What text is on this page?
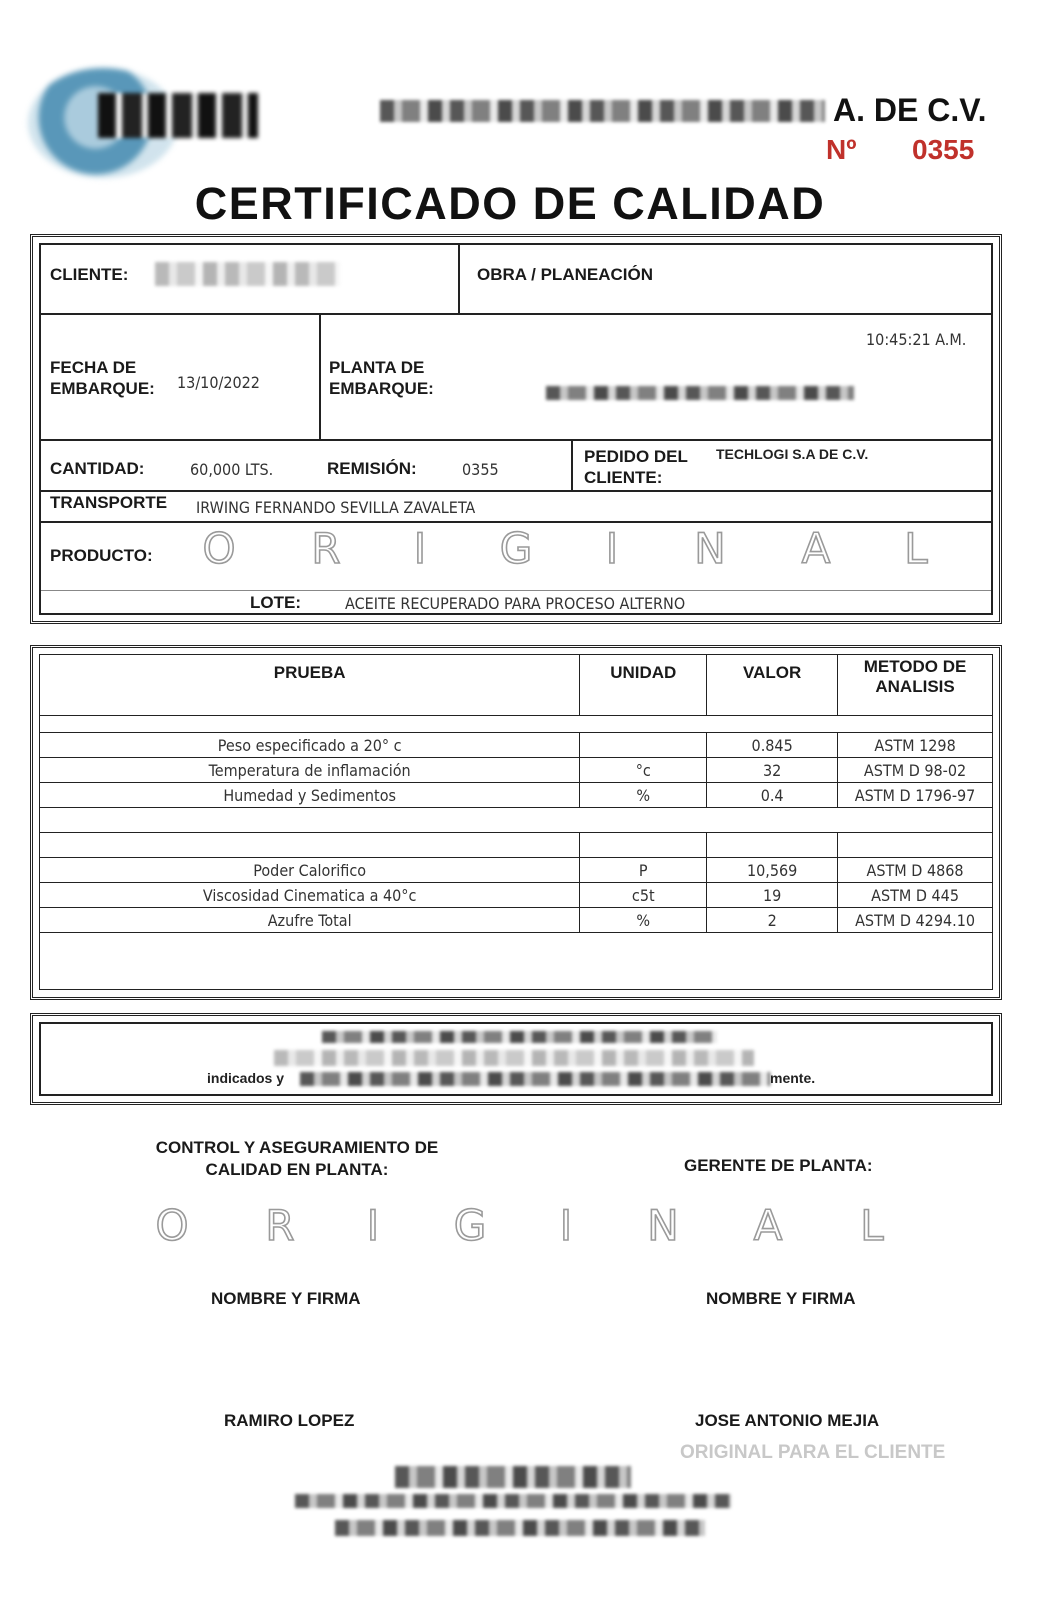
A. DE C.V.
Nº 0355
CERTIFICADO DE CALIDAD
CLIENTE:	OBRA / PLANEACIÓN
10:45:21 A.M.
FECHA DE
EMBARQUE: 13/10/2022
PLANTA DE
EMBARQUE:
CANTIDAD:	60,000 LTS.	REMISIÓN:	0355
PEDIDO DEL
CLIENTE:
TECHLOGI S.A DE C.V.
TRANSPORTE IRWING FERNANDO SEVILLA ZAVALETA
PRODUCTO:	O	R	I	G	I	N	A	L
LOTE:	ACEITE RECUPERADO PARA PROCESO ALTERNO
PRUEBA	UNIDAD	VALOR	METODO DE
ANALISIS

Peso especificado a 20° c		0.845	ASTM 1298
Temperatura de inflamación	°c	32	ASTM D 98-02
Humedad y Sedimentos	%	0.4	ASTM D 1796-97

Poder Calorifico	P	10,569	ASTM D 4868
Viscosidad Cinematica a 40°c	c5t	19	ASTM D 445
Azufre Total	%	2	ASTM D 4294.10

indicados y	mente.
CONTROL Y ASEGURAMIENTO DE
CALIDAD EN PLANTA:	GERENTE DE PLANTA:
O	R	I	G	I	N	A	L
NOMBRE Y FIRMA	NOMBRE Y FIRMA
RAMIRO LOPEZ	JOSE ANTONIO MEJIA
ORIGINAL PARA EL CLIENTE
